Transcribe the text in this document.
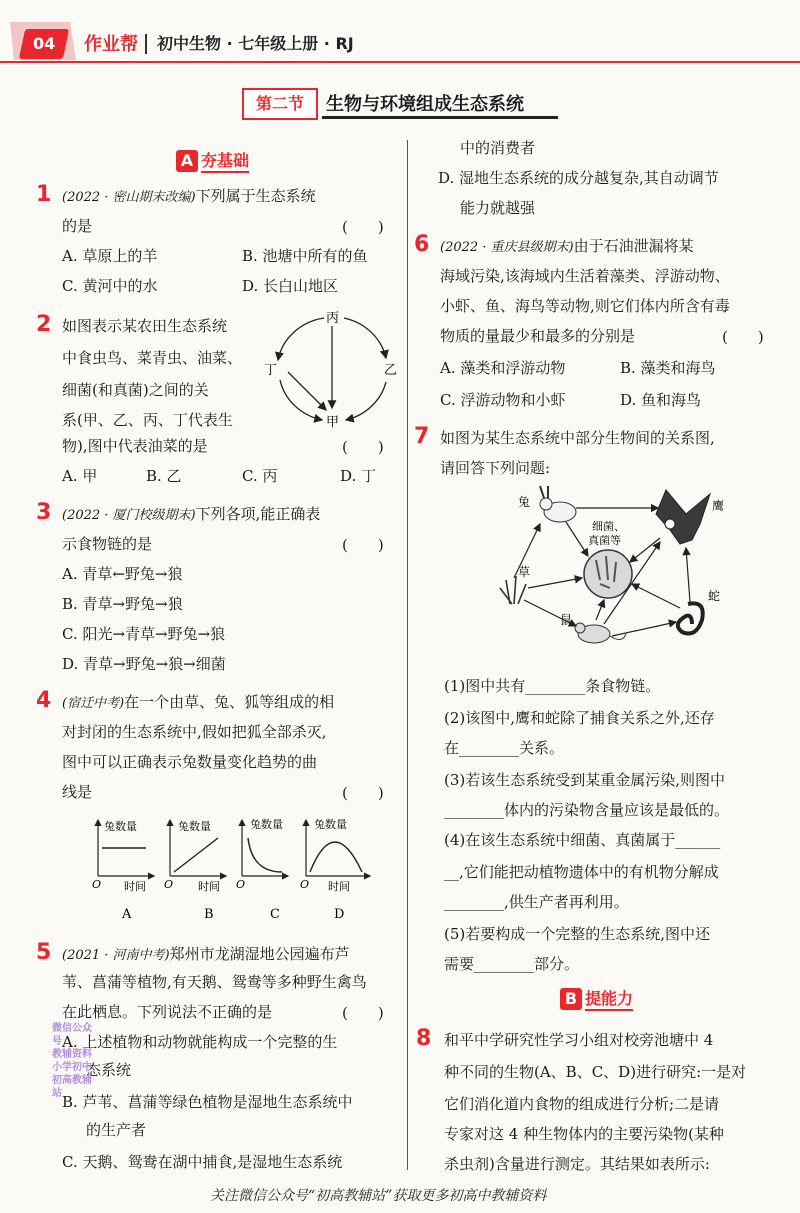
04	作业帮 初中生物 · 七年级上册 · RJ
第二节	生物与环境组成生态系统
A 夯基础
1 (2022 · 密山期末改编)下列属于生态系统
的是	(　　)
A. 草原上的羊	B. 池塘中所有的鱼
C. 黄河中的水	D. 长白山地区
2 如图表示某农田生态系统
中食虫鸟、菜青虫、油菜、
细菌(和真菌)之间的关
系(甲、乙、丙、丁代表生
物),图中代表油菜的是	(　　)
A. 甲	B. 乙	C. 丙	D. 丁
丙
乙
甲
丁
3 (2022 · 厦门校级期末)下列各项,能正确表
示食物链的是	(　　)
A. 青草←野兔→狼
B. 青草→野兔→狼
C. 阳光→青草→野兔→狼
D. 青草→野兔→狼→细菌
4 (宿迁中考)在一个由草、兔、狐等组成的相
对封闭的生态系统中,假如把狐全部杀灭,
图中可以正确表示兔数量变化趋势的曲
线是	(　　)
兔数量
O 时间
A
兔数量
O 时间
B
兔数量
O
C
兔数量
O 时间
D
5 (2021 · 河南中考)郑州市龙湖湿地公园遍布芦
苇、菖蒲等植物,有天鹅、鸳鸯等多种野生禽鸟
在此栖息。下列说法不正确的是	(　　)
A. 上述植物和动物就能构成一个完整的生
态系统
B. 芦苇、菖蒲等绿色植物是湿地生态系统中
的生产者
C. 天鹅、鸳鸯在湖中捕食,是湿地生态系统
中的消费者
D. 湿地生态系统的成分越复杂,其自动调节
能力就越强
微信公众号
教辅资料
小学初中
初高教辅站
6 (2022 · 重庆县级期末)由于石油泄漏将某
海域污染,该海域内生活着藻类、浮游动物、
小虾、鱼、海鸟等动物,则它们体内所含有毒
物质的量最少和最多的分别是	(　　)
A. 藻类和浮游动物	B. 藻类和海鸟
C. 浮游动物和小虾	D. 鱼和海鸟
7 如图为某生态系统中部分生物间的关系图,
请回答下列问题:
兔	鹰
细菌、
真菌等
草
蛇
鼠
(1)图中共有________条食物链。
(2)该图中,鹰和蛇除了捕食关系之外,还存
在________关系。
(3)若该生态系统受到某重金属污染,则图中
________体内的污染物含量应该是最低的。
(4)在该生态系统中细菌、真菌属于______
__,它们能把动植物遗体中的有机物分解成
________,供生产者再利用。
(5)若要构成一个完整的生态系统,图中还
需要________部分。
B 提能力
8 和平中学研究性学习小组对校旁池塘中 4
种不同的生物(A、B、C、D)进行研究:一是对
它们消化道内食物的组成进行分析;二是请
专家对这 4 种生物体内的主要污染物(某种
杀虫剂)含量进行测定。其结果如表所示:
关注微信公众号“初高教辅站”获取更多初高中教辅资料
